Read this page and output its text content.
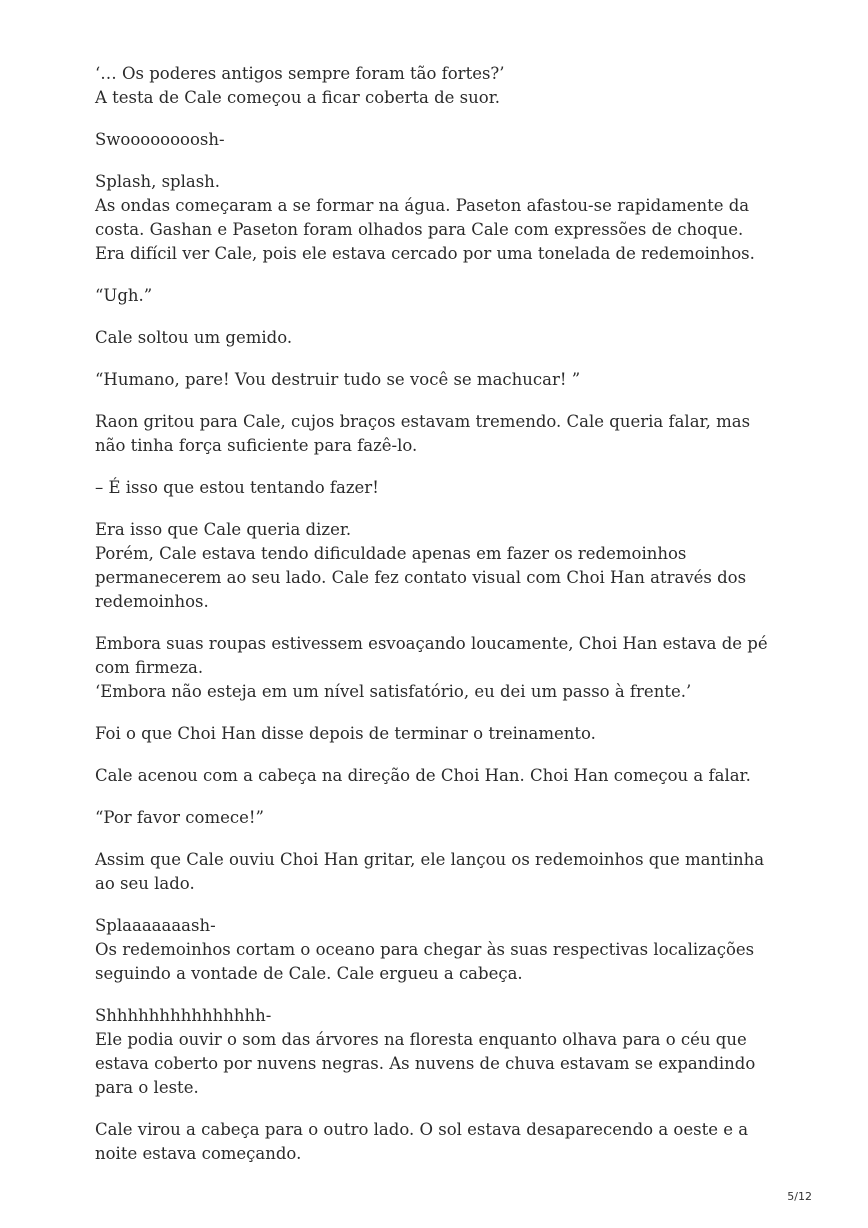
‘… Os poderes antigos sempre foram tão fortes?’
A testa de Cale começou a ficar coberta de suor.

Swoooooooosh-

Splash, splash.
As ondas começaram a se formar na água. Paseton afastou-se rapidamente da costa. Gashan e Paseton foram olhados para Cale com expressões de choque.
Era difícil ver Cale, pois ele estava cercado por uma tonelada de redemoinhos.

“Ugh.”

Cale soltou um gemido.

“Humano, pare! Vou destruir tudo se você se machucar! ”

Raon gritou para Cale, cujos braços estavam tremendo. Cale queria falar, mas não tinha força suficiente para fazê-lo.

– É isso que estou tentando fazer!

Era isso que Cale queria dizer.
Porém, Cale estava tendo dificuldade apenas em fazer os redemoinhos permanecerem ao seu lado. Cale fez contato visual com Choi Han através dos redemoinhos.

Embora suas roupas estivessem esvoaçando loucamente, Choi Han estava de pé com firmeza.
‘Embora não esteja em um nível satisfatório, eu dei um passo à frente.’

Foi o que Choi Han disse depois de terminar o treinamento.

Cale acenou com a cabeça na direção de Choi Han. Choi Han começou a falar.

“Por favor comece!”

Assim que Cale ouviu Choi Han gritar, ele lançou os redemoinhos que mantinha ao seu lado.

Splaaaaaaash-
Os redemoinhos cortam o oceano para chegar às suas respectivas localizações seguindo a vontade de Cale. Cale ergueu a cabeça.

Shhhhhhhhhhhhhhh-
Ele podia ouvir o som das árvores na floresta enquanto olhava para o céu que estava coberto por nuvens negras. As nuvens de chuva estavam se expandindo para o leste.

Cale virou a cabeça para o outro lado. O sol estava desaparecendo a oeste e a noite estava começando.

5/12
